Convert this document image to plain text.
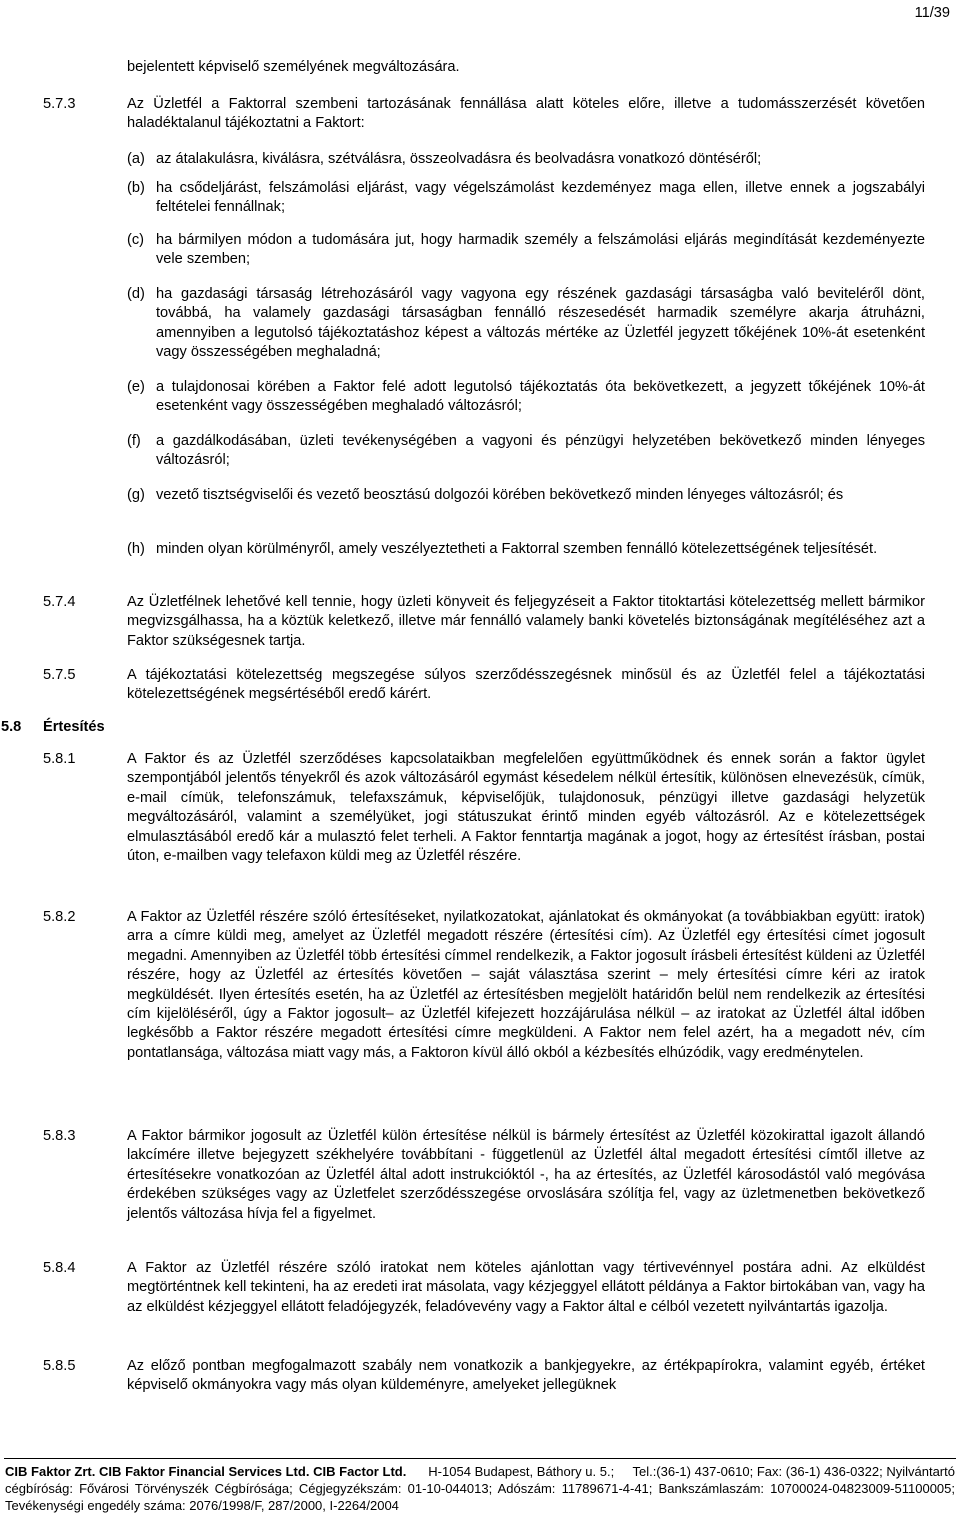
11/39

bejelentett képviselő személyének megváltozására.

5.7.3	Az Üzletfél a Faktorral szembeni tartozásának fennállása alatt köteles előre, illetve a tudomásszerzését követően haladéktalanul tájékoztatni a Faktort:

(a) az átalakulásra, kiválásra, szétválásra, összeolvadásra és beolvadásra vonatkozó döntéséről;

(b) ha csődeljárást, felszámolási eljárást, vagy végelszámolást kezdeményez maga ellen, illetve ennek a jogszabályi feltételei fennállnak;

(c) ha bármilyen módon a tudomására jut, hogy harmadik személy a felszámolási eljárás megindítását kezdeményezte vele szemben;

(d) ha gazdasági társaság létrehozásáról vagy vagyona egy részének gazdasági társaságba való beviteléről dönt, továbbá, ha valamely gazdasági társaságban fennálló részesedését harmadik személyre akarja átruházni, amennyiben a legutolsó tájékoztatáshoz képest a változás mértéke az Üzletfél jegyzett tőkéjének 10%-át esetenként vagy összességében meghaladná;

(e) a tulajdonosai körében a Faktor felé adott legutolsó tájékoztatás óta bekövetkezett, a jegyzett tőkéjének 10%-át esetenként vagy összességében meghaladó változásról;

(f) a gazdálkodásában, üzleti tevékenységében a vagyoni és pénzügyi helyzetében bekövetkező minden lényeges változásról;

(g) vezető tisztségviselői és vezető beosztású dolgozói körében bekövetkező minden lényeges változásról; és

(h) minden olyan körülményről, amely veszélyeztetheti a Faktorral szemben fennálló kötelezettségének teljesítését.

5.7.4	Az Üzletfélnek lehetővé kell tennie, hogy üzleti könyveit és feljegyzéseit a Faktor titoktartási kötelezettség mellett bármikor megvizsgálhassa, ha a köztük keletkező, illetve már fennálló valamely banki követelés biztonságának megítéléséhez azt a Faktor szükségesnek tartja.

5.7.5	A tájékoztatási kötelezettség megszegése súlyos szerződésszegésnek minősül és az Üzletfél felel a tájékoztatási kötelezettségének megsértéséből eredő kárért.

5.8 Értesítés
5.8.1	A Faktor és az Üzletfél szerződéses kapcsolataikban megfelelően együttműködnek és ennek során a faktor ügylet szempontjából jelentős tényekről és azok változásáról egymást késedelem nélkül értesítik, különösen elnevezésük, címük, e-mail címük, telefonszámuk, telefaxszámuk, képviselőjük, tulajdonosuk, pénzügyi illetve gazdasági helyzetük megváltozásáról, valamint a személyüket, jogi státuszukat érintő minden egyéb változásról. Az e kötelezettségek elmulasztásából eredő kár a mulasztó felet terheli. A Faktor fenntartja magának a jogot, hogy az értesítést írásban, postai úton, e-mailben vagy telefaxon küldi meg az Üzletfél részére.

5.8.2	A Faktor az Üzletfél részére szóló értesítéseket, nyilatkozatokat, ajánlatokat és okmányokat (a továbbiakban együtt: iratok) arra a címre küldi meg, amelyet az Üzletfél megadott részére (értesítési cím). Az Üzletfél egy értesítési címet jogosult megadni. Amennyiben az Üzletfél több értesítési címmel rendelkezik, a Faktor jogosult írásbeli értesítést küldeni az Üzletfél részére, hogy az Üzletfél az értesítés követően – saját választása szerint – mely értesítési címre kéri az iratok megküldését. Ilyen értesítés esetén, ha az Üzletfél az értesítésben megjelölt határidőn belül nem rendelkezik az értesítési cím kijelöléséről, úgy a Faktor jogosult– az Üzletfél kifejezett hozzájárulása nélkül – az iratokat az Üzletfél által időben legkésőbb a Faktor részére megadott értesítési címre megküldeni. A Faktor nem felel azért, ha a megadott név, cím pontatlansága, változása miatt vagy más, a Faktoron kívül álló okból a kézbesítés elhúzódik, vagy eredménytelen.

5.8.3	A Faktor bármikor jogosult az Üzletfél külön értesítése nélkül is bármely értesítést az Üzletfél közokirattal igazolt állandó lakcímére illetve bejegyzett székhelyére továbbítani - függetlenül az Üzletfél által megadott értesítési címtől illetve az értesítésekre vonatkozóan az Üzletfél által adott instrukcióktól -, ha az értesítés, az Üzletfél károsodástól való megóvása érdekében szükséges vagy az Üzletfelet szerződésszegése orvoslására szólítja fel, vagy az üzletmenetben bekövetkező jelentős változása hívja fel a figyelmet.

5.8.4	A Faktor az Üzletfél részére szóló iratokat nem köteles ajánlottan vagy tértivevénnyel postára adni. Az elküldést megtörténtnek kell tekinteni, ha az eredeti irat másolata, vagy kézjeggyel ellátott példánya a Faktor birtokában van, vagy ha az elküldést kézjeggyel ellátott feladójegyzék, feladóvevény vagy a Faktor által e célból vezetett nyilvántartás igazolja.

5.8.5	Az előző pontban megfogalmazott szabály nem vonatkozik a bankjegyekre, az értékpapírokra, valamint egyéb, értéket képviselő okmányokra vagy más olyan küldeményre, amelyeket jellegüknek

CIB Faktor Zrt. CIB Faktor Financial Services Ltd. CIB Factor Ltd. H-1054 Budapest, Báthory u. 5.; Tel.:(36-1) 437-0610; Fax: (36-1) 436-0322; Nyilvántartó cégbíróság: Fővárosi Törvényszék Cégbírósága; Cégjegyzékszám: 01-10-044013; Adószám: 11789671-4-41; Bankszámlaszám: 10700024-04823009-51100005; Tevékenységi engedély száma: 2076/1998/F, 287/2000, I-2264/2004
